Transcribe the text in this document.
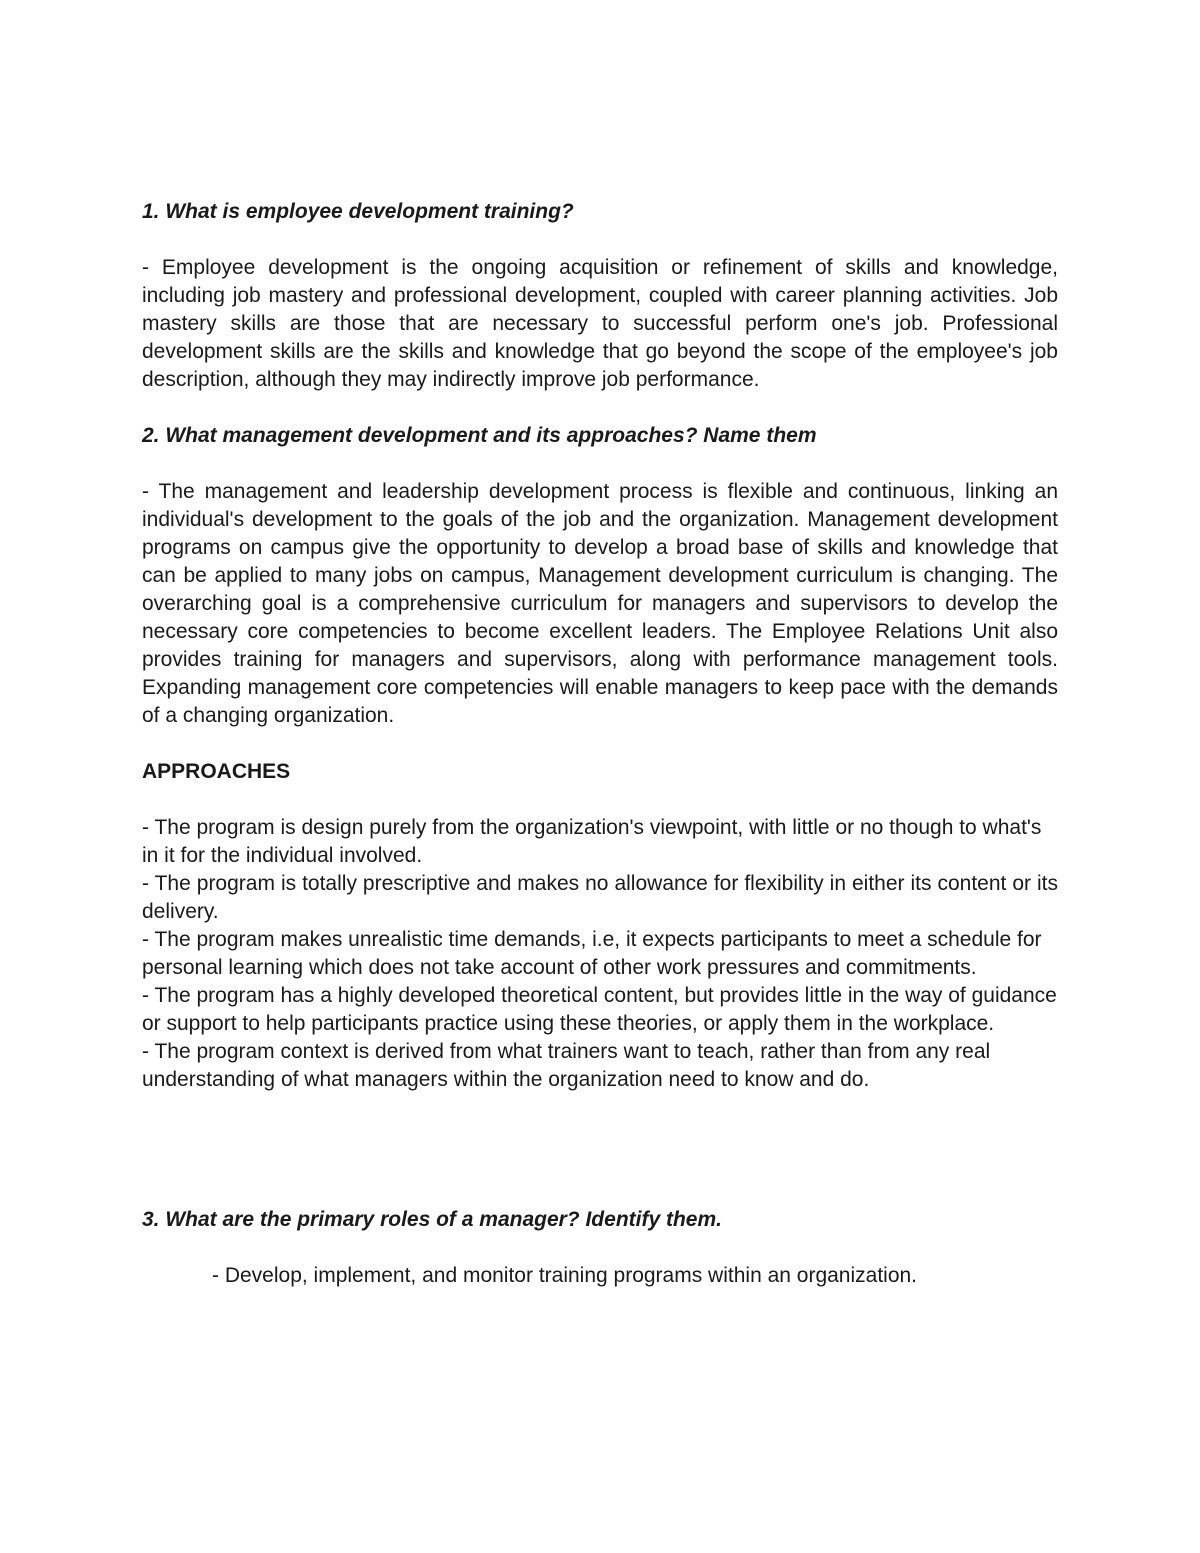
1. What is employee development training?

- Employee development is the ongoing acquisition or refinement of skills and knowledge, including job mastery and professional development, coupled with career planning activities. Job mastery skills are those that are necessary to successful perform one's job. Professional development skills are the skills and knowledge that go beyond the scope of the employee's job description, although they may indirectly improve job performance.

2. What management development and its approaches? Name them

- The management and leadership development process is flexible and continuous, linking an individual's development to the goals of the job and the organization. Management development programs on campus give the opportunity to develop a broad base of skills and knowledge that can be applied to many jobs on campus, Management development curriculum is changing. The overarching goal is a comprehensive curriculum for managers and supervisors to develop the necessary core competencies to become excellent leaders. The Employee Relations Unit also provides training for managers and supervisors, along with performance management tools. Expanding management core competencies will enable managers to keep pace with the demands of a changing organization.

APPROACHES

- The program is design purely from the organization's viewpoint, with little or no though to what's in it for the individual involved.

- The program is totally prescriptive and makes no allowance for flexibility in either its content or its delivery.

- The program makes unrealistic time demands, i.e, it expects participants to meet a schedule for personal learning which does not take account of other work pressures and commitments.

- The program has a highly developed theoretical content, but provides little in the way of guidance or support to help participants practice using these theories, or apply them in the workplace.

- The program context is derived from what trainers want to teach, rather than from any real understanding of what managers within the organization need to know and do.

3. What are the primary roles of a manager? Identify them.

- Develop, implement, and monitor training programs within an organization.
